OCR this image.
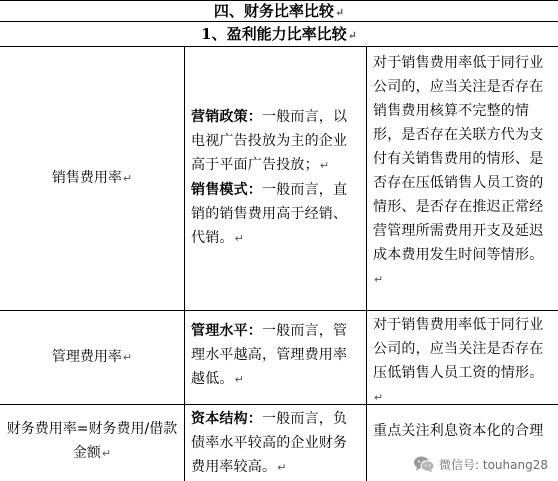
四、财务比率比较↵
1、盈利能力比率比较↵
销售费用率↵
营销政策：一般而言，以电视广告投放为主的企业高于平面广告投放；↵
销售模式：一般而言，直销的销售费用高于经销、代销。↵
对于销售费用率低于同行业公司的，应当关注是否存在销售费用核算不完整的情形，是否存在关联方代为支付有关销售费用的情形、是否存在压低销售人员工资的情形、是否存在推迟正常经营管理所需费用开支及延迟成本费用发生时间等情形。↵
管理费用率↵
管理水平：一般而言，管理水平越高，管理费用率越低。↵
对于销售费用率低于同行业公司的，应当关注是否存在压低销售人员工资的情形。↵
财务费用率=财务费用/借款金额↵
资本结构：一般而言，负债率水平较高的企业财务费用率较高。↵
重点关注利息资本化的合理
微信号: touhang28
